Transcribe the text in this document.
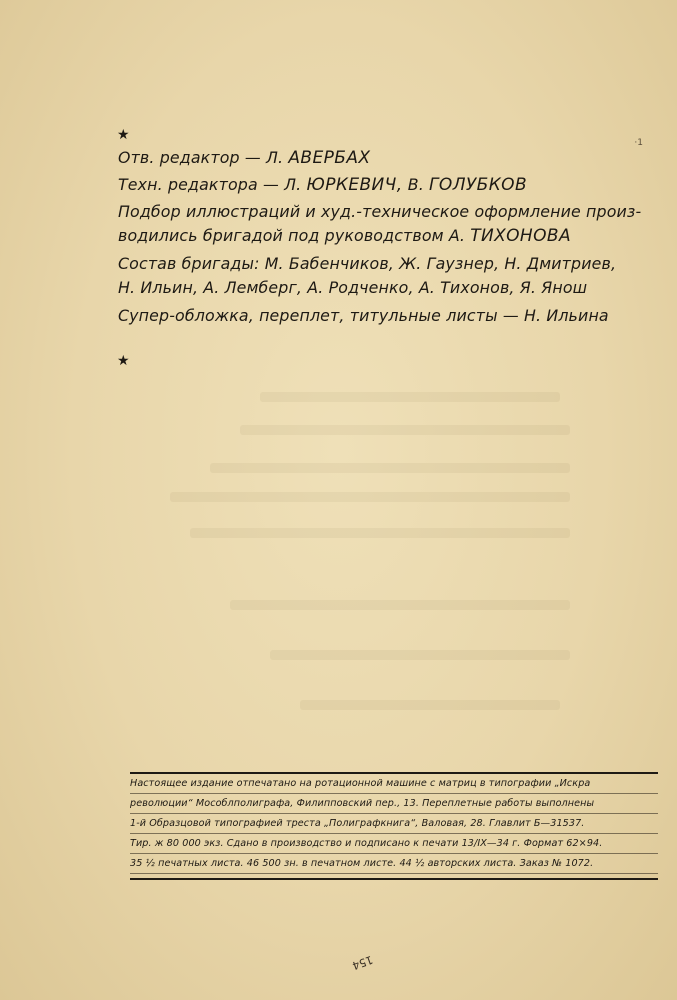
·1
★
Отв. редактор — Л. АВЕРБАХ
Техн. редактора — Л. ЮРКЕВИЧ, В. ГОЛУБКОВ
Подбор иллюстраций и худ.-техническое оформление произ-
водились бригадой под руководством А. ТИХОНОВА
Состав бригады: М. Бабенчиков, Ж. Гаузнер, Н. Дмитриев,
Н. Ильин, А. Лемберг, А. Родченко, А. Тихонов, Я. Янош
Супер-обложка, переплет, титульные листы — Н. Ильина
★
Настоящее издание отпечатано на ротационной машине с матриц в типографии „Искра
революции“ Мособлполиграфа, Филипповский пер., 13. Переплетные работы выполнены
1-й Образцовой типографией треста „Полиграфкнига“, Валовая, 28. Главлит Б—31537.
Тир. ж 80 000 экз. Сдано в производство и подписано к печати 13/IX—34 г. Формат 62×94.
35 ½ печатных листа. 46 500 зн. в печатном листе. 44 ½ авторских листа. Заказ № 1072.
154
